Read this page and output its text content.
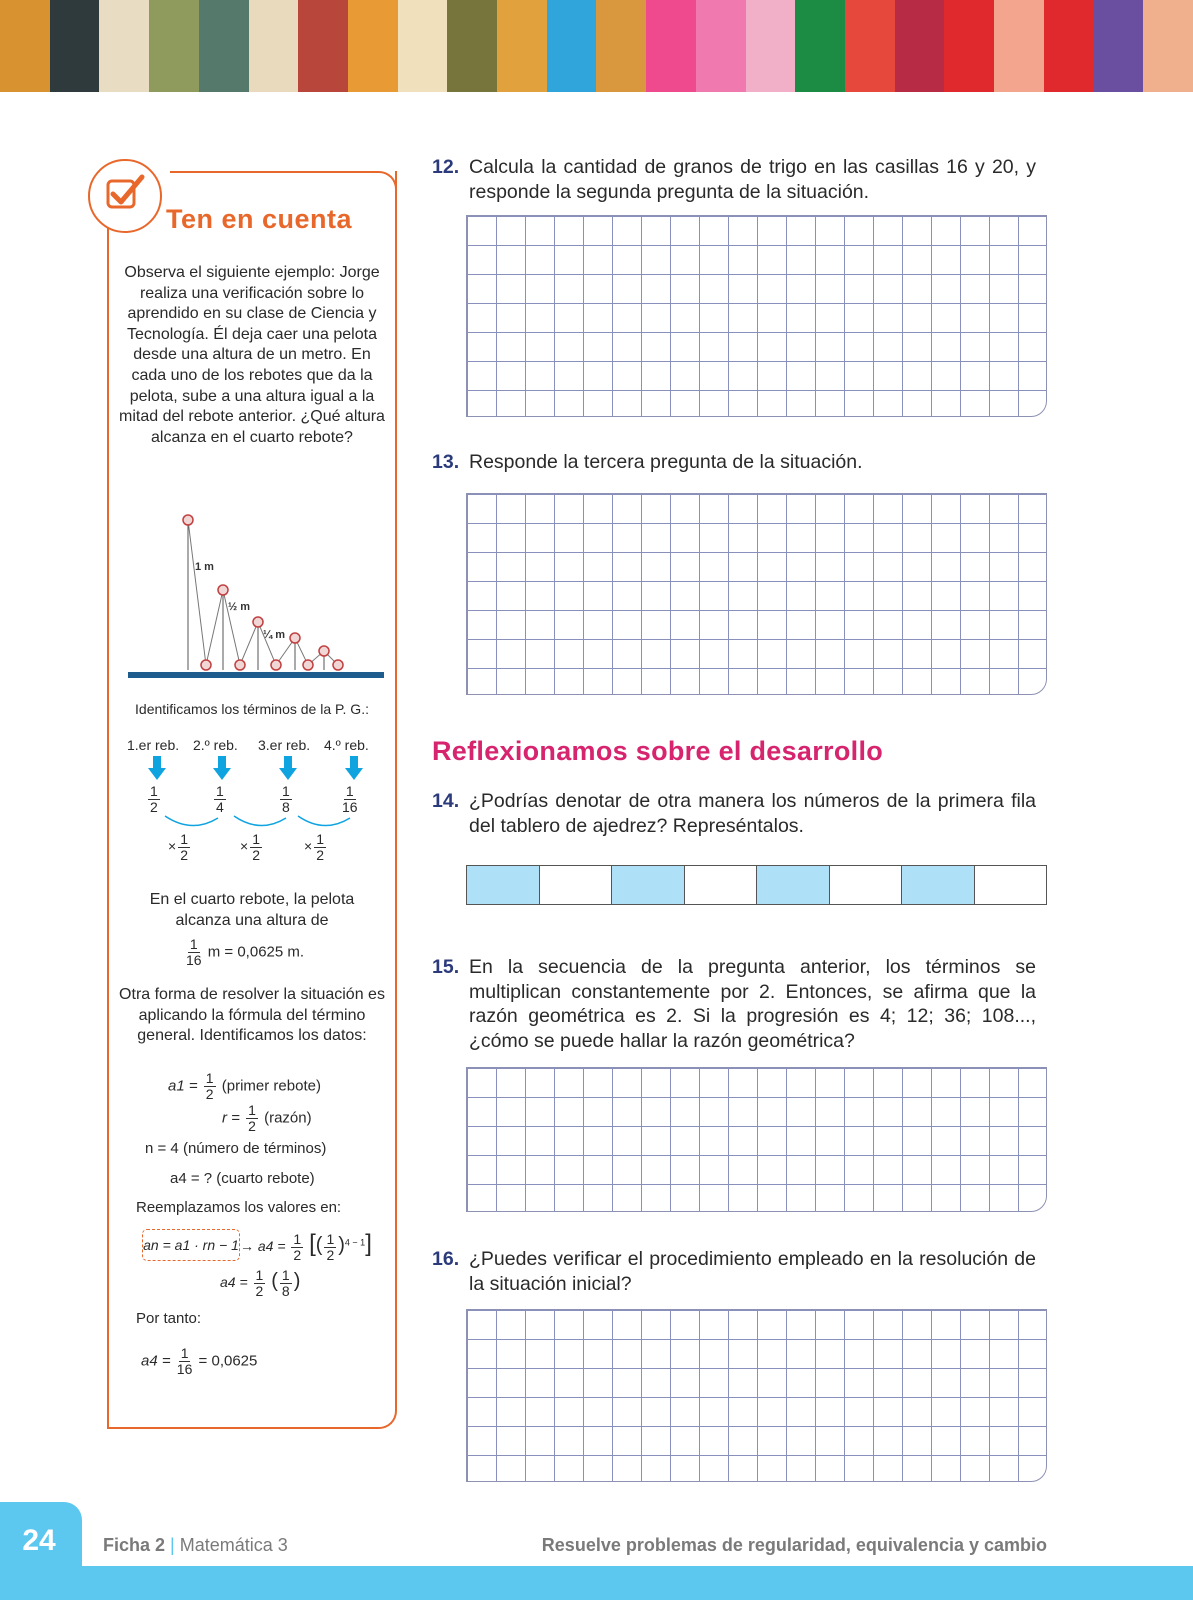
Ten en cuenta
Observa el siguiente ejemplo: Jorge realiza una verificación sobre lo aprendido en su clase de Ciencia y Tecnología. Él deja caer una pelota desde una altura de un metro. En cada uno de los rebotes que da la pelota, sube a una altura igual a la mitad del rebote anterior. ¿Qué altura alcanza en el cuarto rebote?
1 m
½ m
¼ m
Identificamos los términos de la P. G.:
1.er reb. 2.º reb. 3.er reb. 4.º reb.
$\frac{1}{2}$	$\frac{1}{4}$	$\frac{1}{8}$	$\frac{1}{16}$
× $\frac{1}{2}$	× $\frac{1}{2}$	× $\frac{1}{2}$
En el cuarto rebote, la pelota alcanza una altura de
$\frac{1}{16}$ m = 0,0625 m.
Otra forma de resolver la situación es aplicando la fórmula del término general. Identificamos los datos:
$a1 = \frac{1}{2}$ (primer rebote)
$r = \frac{1}{2}$ (razón)
n = 4 (número de términos)
a4 = ? (cuarto rebote)
Reemplazamos los valores en:
an = a1 · rn − $1 \to a4 = \frac{1}{2}$ [( $\frac{1}{2} )^{4 - 1}$]
$a4 = \frac{1}{2}$ ( $\frac{1}{8}$ )
Por tanto:
$a4 = \frac{1}{16} = 0,0625$
12. Calcula la cantidad de granos de trigo en las casillas 16 y 20, y responde la segunda pregunta de la situación.
13. Responde la tercera pregunta de la situación.
Reflexionamos sobre el desarrollo
14. ¿Podrías denotar de otra manera los números de la primera fila del tablero de ajedrez? Represéntalos.
15. En la secuencia de la pregunta anterior, los términos se multiplican constantemente por 2. Entonces, se afirma que la razón geométrica es 2. Si la progresión es 4; 12; 36; 108..., ¿cómo se puede hallar la razón geométrica?
16. ¿Puedes verificar el procedimiento empleado en la resolución de la situación inicial?
24	Ficha 2 | Matemática 3	Resuelve problemas de regularidad, equivalencia y cambio
